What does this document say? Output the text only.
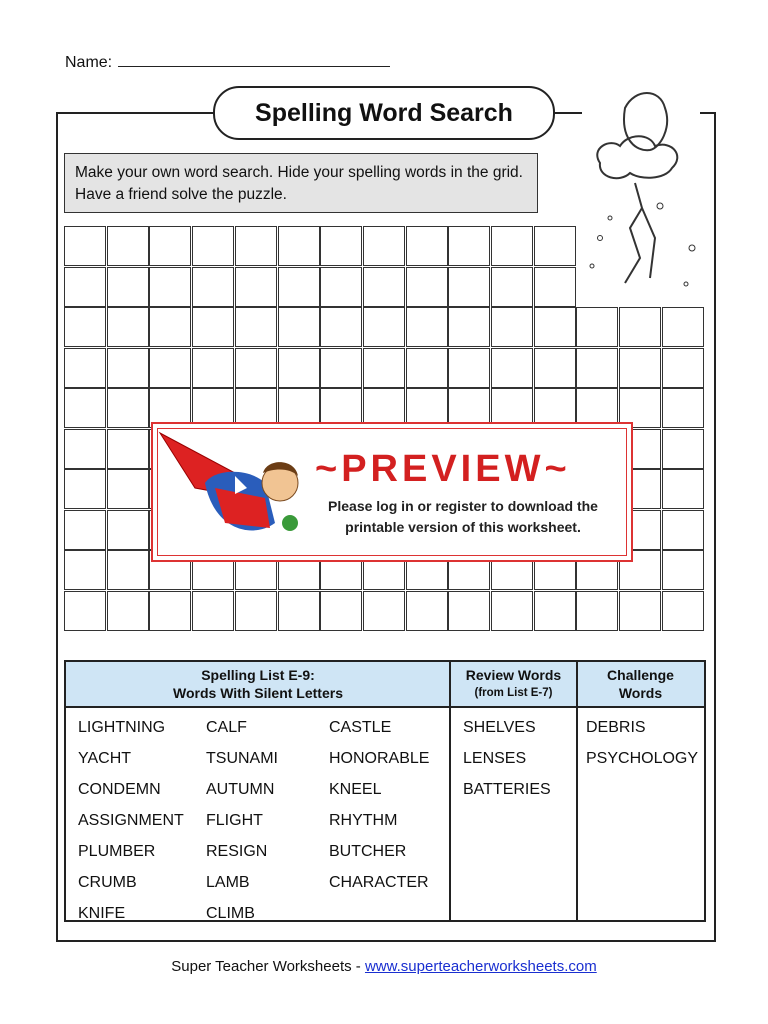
Name:
Spelling Word Search
Make your own word search. Hide your spelling words in the grid. Have a friend solve the puzzle.
~PREVIEW~
Please log in or register to download the printable version of this worksheet.
Spelling List E-9:
Words With Silent Letters
Review Words
(from List E-7)
Challenge
Words
LIGHTNING
YACHT
CONDEMN
ASSIGNMENT
PLUMBER
CRUMB
KNIFE
CALF
TSUNAMI
AUTUMN
FLIGHT
RESIGN
LAMB
CLIMB
CASTLE
HONORABLE
KNEEL
RHYTHM
BUTCHER
CHARACTER
SHELVES
LENSES
BATTERIES
DEBRIS
PSYCHOLOGY
Super Teacher Worksheets - www.superteacherworksheets.com
